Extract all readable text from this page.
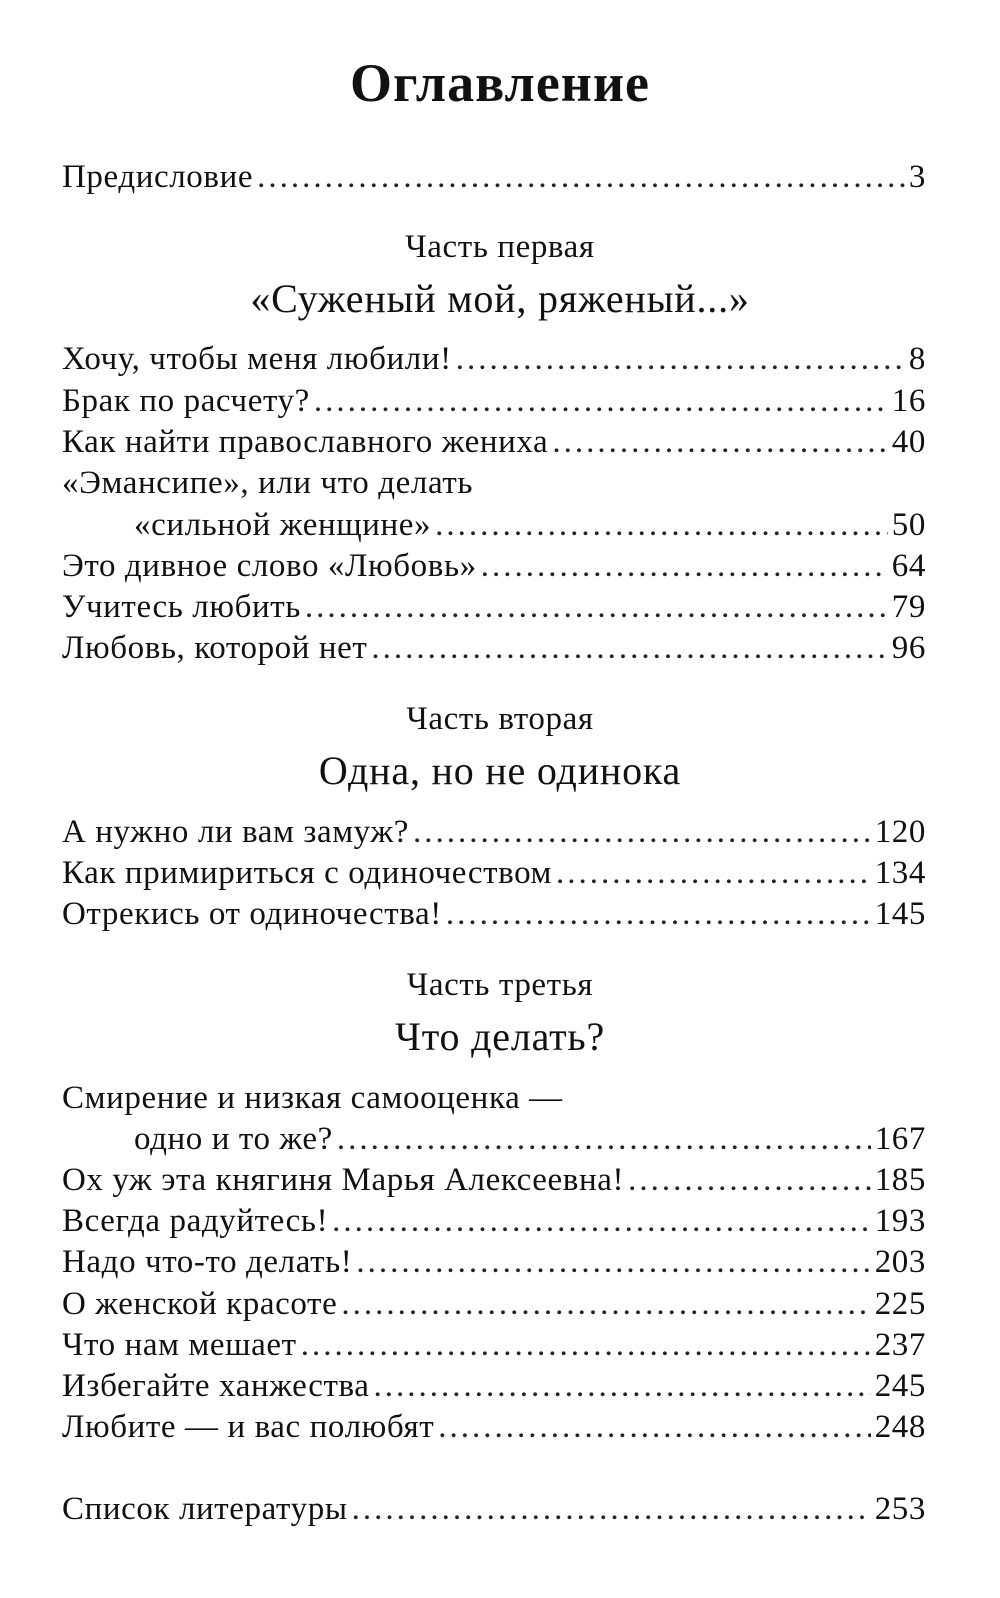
Оглавление
Предисловие .....	3
Часть первая
«Суженый мой, ряженый...»
Хочу, чтобы меня любили! .....	8
Брак по расчету? .....	16
Как найти православного жениха .....	40
«Эмансипе», или что делать
«сильной женщине» .....	50
Это дивное слово «Любовь» .....	64
Учитесь любить .....	79
Любовь, которой нет .....	96
Часть вторая
Одна, но не одинока
А нужно ли вам замуж? .....	120
Как примириться с одиночеством .....	134
Отрекись от одиночества! .....	145
Часть третья
Что делать?
Смирение и низкая самооценка —
одно и то же? .....	167
Ох уж эта княгиня Марья Алексеевна! .....	185
Всегда радуйтесь! .....	193
Надо что-то делать! .....	203
О женской красоте .....	225
Что нам мешает .....	237
Избегайте ханжества .....	245
Любите — и вас полюбят .....	248
Список литературы .....	253
